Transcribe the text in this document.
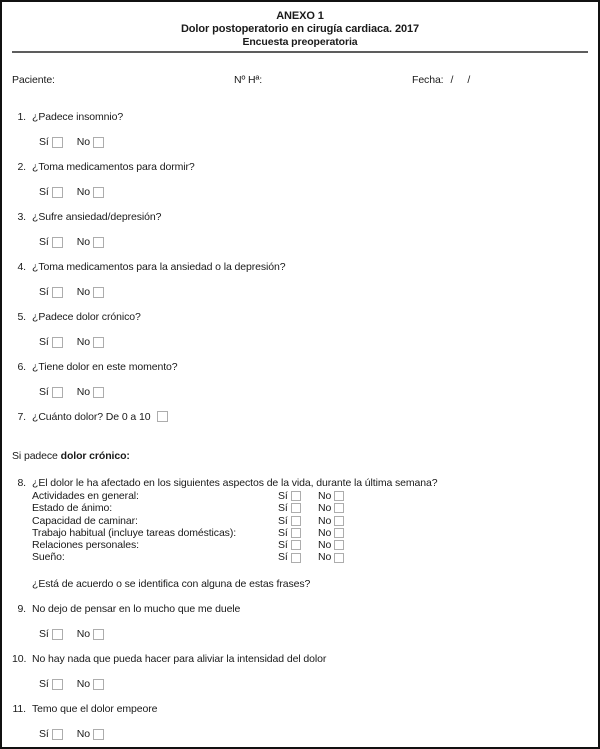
ANEXO 1
Dolor postoperatorio en cirugía cardiaca. 2017
Encuesta preoperatoria
Paciente:	Nº Hª:	Fecha: /     /
1. ¿Padece insomnio?
Sí	No
2. ¿Toma medicamentos para dormir?
Sí	No
3. ¿Sufre ansiedad/depresión?
Sí	No
4. ¿Toma medicamentos para la ansiedad o la depresión?
Sí	No
5. ¿Padece dolor crónico?
Sí	No
6. ¿Tiene dolor en este momento?
Sí	No
7. ¿Cuánto dolor? De 0 a 10
Si padece dolor crónico:
8. ¿El dolor le ha afectado en los siguientes aspectos de la vida, durante la última semana?
Actividades en general:	Sí	No
Estado de ánimo:	Sí	No
Capacidad de caminar:	Sí	No
Trabajo habitual (incluye tareas domésticas):	Sí	No
Relaciones personales:	Sí	No
Sueño:	Sí	No
¿Está de acuerdo o se identifica con alguna de estas frases?
9. No dejo de pensar en lo mucho que me duele
Sí	No
10. No hay nada que pueda hacer para aliviar la intensidad del dolor
Sí	No
11. Temo que el dolor empeore
Sí	No
